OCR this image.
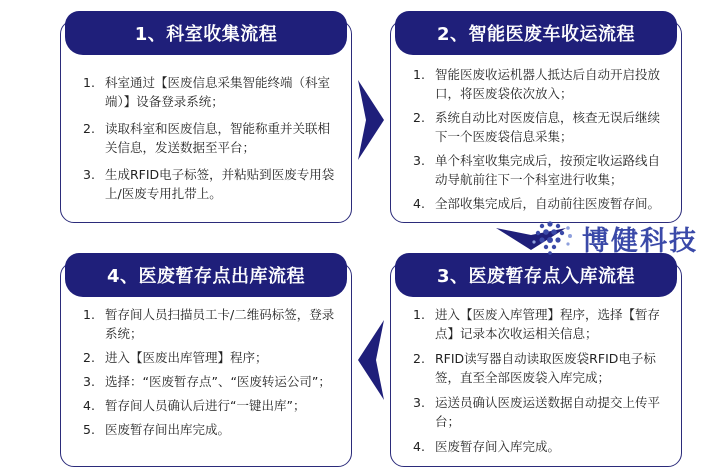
1、科室收集流程
1. 科室通过【医废信息采集智能终端（科室端）】设备登录系统；
2. 读取科室和医废信息，智能称重并关联相关信息，发送数据至平台；
3. 生成RFID电子标签，并粘贴到医废专用袋上/医废专用扎带上。
2、智能医废车收运流程
1. 智能医废收运机器人抵达后自动开启投放口，将医废袋依次放入；
2. 系统自动比对医废信息，核查无误后继续下一个医废袋信息采集；
3. 单个科室收集完成后，按预定收运路线自动导航前往下一个科室进行收集；
4. 全部收集完成后，自动前往医废暂存间。
3、医废暂存点入库流程
1. 进入【医废入库管理】程序，选择【暂存点】记录本次收运相关信息；
2. RFID读写器自动读取医废袋RFID电子标签，直至全部医废袋入库完成；
3. 运送员确认医废运送数据自动提交上传平台；
4. 医废暂存间入库完成。
4、医废暂存点出库流程
1. 暂存间人员扫描员工卡/二维码标签，登录系统；
2. 进入【医废出库管理】程序；
3. 选择：“医废暂存点”、“医废转运公司”；
4. 暂存间人员确认后进行“一键出库”；
5. 医废暂存间出库完成。
博健科技
